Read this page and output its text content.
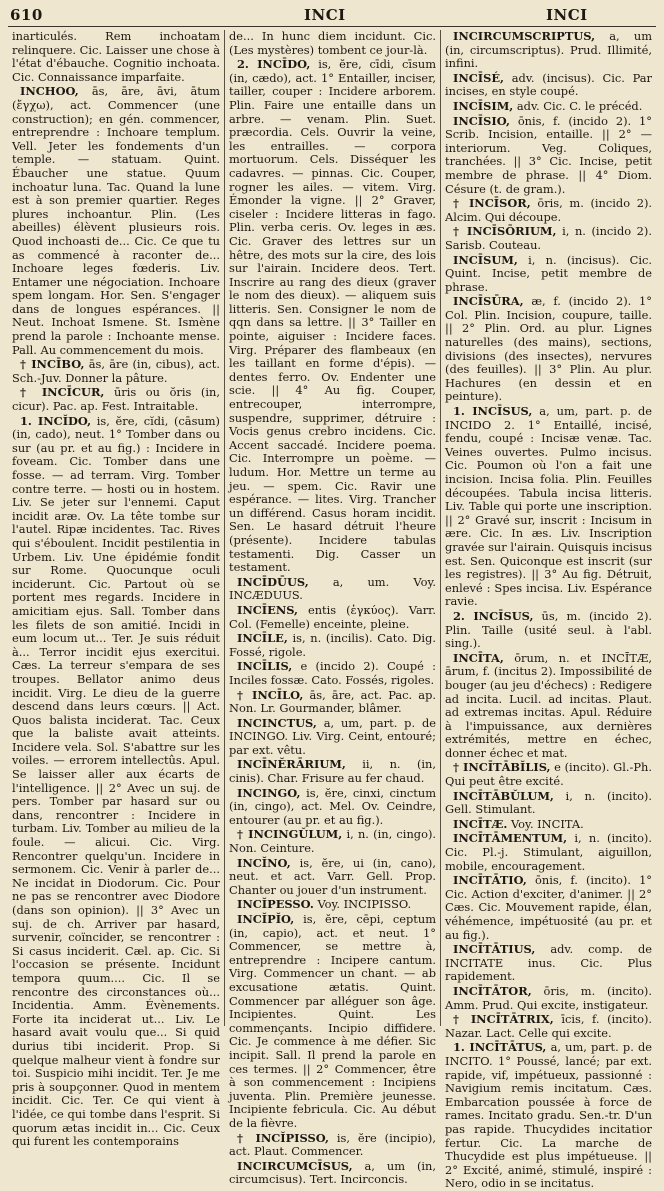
610	INCI	INCI

inarticulés. Rem inchoatam relinquere. Cic. Laisser une chose à l'état d'ébauche. Cognitio inchoata. Cic. Connaissance imparfaite.

INCHOO, ās, āre, āvi, ātum (ἔγχω), act. Commencer (une construction); en gén. commencer, entreprendre : Inchoare templum. Vell. Jeter les fondements d'un temple. — statuam. Quint. Ébaucher une statue. Quum inchoatur luna. Tac. Quand la lune est à son premier quartier. Reges plures inchoantur. Plin. (Les abeilles) élèvent plusieurs rois. Quod inchoasti de... Cic. Ce que tu as commencé à raconter de... Inchoare leges fœderis. Liv. Entamer une négociation. Inchoare spem longam. Hor. Sen. S'engager dans de longues espérances. || Neut. Inchoat Ismene. St. Ismène prend la parole : Inchoante mense. Pall. Au commencement du mois.

† INCĪBO, ās, āre (in, cibus), act. Sch.-Juv. Donner la pâture.

† INCĪCUR, ūris ou ŏris (in, cicur). Pac. ap. Fest. Intraitable.

1. INCĬDO, is, ĕre, cĭdi, (cāsum) (in, cado), neut. 1° Tomber dans ou sur (au pr. et au fig.) : Incidere in foveam. Cic. Tomber dans une fosse. — ad terram. Virg. Tomber contre terre. — hosti ou in hostem. Liv. Se jeter sur l'ennemi. Caput incidit aræ. Ov. La tête tombe sur l'autel. Ripæ incidentes. Tac. Rives qui s'éboulent. Incidit pestilentia in Urbem. Liv. Une épidémie fondit sur Rome. Quocunque oculi inciderunt. Cic. Partout où se portent mes regards. Incidere in amicitiam ejus. Sall. Tomber dans les filets de son amitié. Incidi in eum locum ut... Ter. Je suis réduit à... Terror incidit ejus exercitui. Cæs. La terreur s'empara de ses troupes. Bellator animo deus incidit. Virg. Le dieu de la guerre descend dans leurs cœurs. || Act. Quos balista inciderat. Tac. Ceux que la baliste avait atteints. Incidere vela. Sol. S'abattre sur les voiles. — errorem intellectûs. Apul. Se laisser aller aux écarts de l'intelligence. || 2° Avec un suj. de pers. Tomber par hasard sur ou dans, rencontrer : Incidere in turbam. Liv. Tomber au milieu de la foule. — alicui. Cic. Virg. Rencontrer quelqu'un. Incidere in sermonem. Cic. Venir à parler de... Ne incidat in Diodorum. Cic. Pour ne pas se rencontrer avec Diodore (dans son opinion). || 3° Avec un suj. de ch. Arriver par hasard, survenir, coïncider, se rencontrer : Si casus inciderit. Cæl. ap. Cic. Si l'occasion se présente. Incidunt tempora quum.... Cic. Il se rencontre des circonstances où... Incidentia. Amm. Évènements. Forte ita inciderat ut... Liv. Le hasard avait voulu que... Si quid durius tibi inciderit. Prop. Si quelque malheur vient à fondre sur toi. Suspicio mihi incidit. Ter. Je me pris à soupçonner. Quod in mentem incidit. Cic. Ter. Ce qui vient à l'idée, ce qui tombe dans l'esprit. Si quorum ætas incidit in... Cic. Ceux qui furent les contemporains

de... In hunc diem incidunt. Cic. (Les mystères) tombent ce jour-là.

2. INCĪDO, is, ĕre, cīdi, cīsum (in, cædo), act. 1° Entailler, inciser, tailler, couper : Incidere arborem. Plin. Faire une entaille dans un arbre. — venam. Plin. Suet. præcordia. Cels. Ouvrir la veine, les entrailles. — corpora mortuorum. Cels. Disséquer les cadavres. — pinnas. Cic. Couper, rogner les ailes. — vitem. Virg. Émonder la vigne. || 2° Graver, ciseler : Incidere litteras in fago. Plin. verba ceris. Ov. leges in æs. Cic. Graver des lettres sur un hêtre, des mots sur la cire, des lois sur l'airain. Incidere deos. Tert. Inscrire au rang des dieux (graver le nom des dieux). — aliquem suis litteris. Sen. Consigner le nom de qqn dans sa lettre. || 3° Tailler en pointe, aiguiser : Incidere faces. Virg. Préparer des flambeaux (en les taillant en forme d'épis). — dentes ferro. Ov. Endenter une scie. || 4° Au fig. Couper, entrecouper, interrompre, suspendre, supprimer, détruire : Vocis genus crebro incidens. Cic. Accent saccadé. Incidere poema. Cic. Interrompre un poème. — ludum. Hor. Mettre un terme au jeu. — spem. Cic. Ravir une espérance. — lites. Virg. Trancher un différend. Casus horam incidit. Sen. Le hasard détruit l'heure (présente). Incidere tabulas testamenti. Dig. Casser un testament.

INCĪDŪUS, a, um. Voy. INCÆDUUS.

INCĪENS, entis (ἐγκύος). Varr. Col. (Femelle) enceinte, pleine.

INCĪLE, is, n. (incilis). Cato. Dig. Fossé, rigole.

INCĪLIS, e (incido 2). Coupé : Inciles fossæ. Cato. Fossés, rigoles.

† INCĪLO, ās, āre, act. Pac. ap. Non. Lr. Gourmander, blâmer.

INCINCTUS, a, um, part. p. de INCINGO. Liv. Virg. Ceint, entouré; par ext. vêtu.

INCĪNĔRĀRIUM, ii, n. (in, cinis). Char. Frisure au fer chaud.

INCINGO, is, ĕre, cinxi, cinctum (in, cingo), act. Mel. Ov. Ceindre, entourer (au pr. et au fig.).

† INCINGŬLUM, i, n. (in, cingo). Non. Ceinture.

INCĬNO, is, ĕre, ui (in, cano), neut. et act. Varr. Gell. Prop. Chanter ou jouer d'un instrument.

INCĬPESSO. Voy. INCIPISSO.

INCĬPĬO, is, ĕre, cēpi, ceptum (in, capio), act. et neut. 1° Commencer, se mettre à, entreprendre : Incipere cantum. Virg. Commencer un chant. — ab excusatione ætatis. Quint. Commencer par alléguer son âge. Incipientes. Quint. Les commençants. Incipio diffidere. Cic. Je commence à me défier. Sic incipit. Sall. Il prend la parole en ces termes. || 2° Commencer, être à son commencement : Incipiens juventa. Plin. Première jeunesse. Incipiente febricula. Cic. Au début de la fièvre.

† INCĬPISSO, is, ĕre (incipio), act. Plaut. Commencer.

INCIRCUMCĪSUS, a, um (in, circumcisus). Tert. Incirconcis.

INCIRCUMSCRIPTUS, a, um (in, circumscriptus). Prud. Illimité, infini.

INCĪSÉ, adv. (incisus). Cic. Par incises, en style coupé.

INCĪSIM, adv. Cic. C. le précéd.

INCĪSIO, ōnis, f. (incido 2). 1° Scrib. Incision, entaille. || 2° — interiorum. Veg. Coliques, tranchées. || 3° Cic. Incise, petit membre de phrase. || 4° Diom. Césure (t. de gram.).

† INCĪSOR, ōris, m. (incido 2). Alcim. Qui découpe.

† INCĪSŌRIUM, i, n. (incido 2). Sarisb. Couteau.

INCĪSUM, i, n. (incisus). Cic. Quint. Incise, petit membre de phrase.

INCĪSŪRA, æ, f. (incido 2). 1° Col. Plin. Incision, coupure, taille. || 2° Plin. Ord. au plur. Lignes naturelles (des mains), sections, divisions (des insectes), nervures (des feuilles). || 3° Plin. Au plur. Hachures (en dessin et en peinture).

1. INCĪSUS, a, um, part. p. de INCIDO 2. 1° Entaillé, incisé, fendu, coupé : Incisæ venæ. Tac. Veines ouvertes. Pulmo incisus. Cic. Poumon où l'on a fait une incision. Incisa folia. Plin. Feuilles découpées. Tabula incisa litteris. Liv. Table qui porte une inscription. || 2° Gravé sur, inscrit : Incisum in ære. Cic. In æs. Liv. Inscription gravée sur l'airain. Quisquis incisus est. Sen. Quiconque est inscrit (sur les registres). || 3° Au fig. Détruit, enlevé : Spes incisa. Liv. Espérance ravie.

2. INCĪSUS, ūs, m. (incido 2). Plin. Taille (usité seul. à l'abl. sing.).

INCĪTA, ōrum, n. et INCĪTÆ, ārum, f. (incitus 2). Impossibilité de bouger (au jeu d'échecs) : Redigere ad incita. Lucil. ad incitas. Plaut. ad extremas incitas. Apul. Réduire à l'impuissance, aux dernières extrémités, mettre en échec, donner échec et mat.

† INCĪTĀBĬLIS, e (incito). Gl.-Ph. Qui peut être excité.

INCĪTĀBŬLUM, i, n. (incito). Gell. Stimulant.

INCĪTÆ. Voy. INCITA.

INCĪTĀMENTUM, i, n. (incito). Cic. Pl.-j. Stimulant, aiguillon, mobile, encouragement.

INCĪTĀTIO, ōnis, f. (incito). 1° Cic. Action d'exciter, d'animer. || 2° Cæs. Cic. Mouvement rapide, élan, véhémence, impétuosité (au pr. et au fig.).

INCĪTĀTIUS, adv. comp. de INCITATE inus. Cic. Plus rapidement.

INCĪTĀTOR, ōris, m. (incito). Amm. Prud. Qui excite, instigateur.

† INCĪTĀTRIX, īcis, f. (incito). Nazar. Lact. Celle qui excite.

1. INCĪTĀTUS, a, um, part. p. de INCITO. 1° Poussé, lancé; par ext. rapide, vif, impétueux, passionné : Navigium remis incitatum. Cæs. Embarcation poussée à force de rames. Incitato gradu. Sen.-tr. D'un pas rapide. Thucydides incitatior fertur. Cic. La marche de Thucydide est plus impétueuse. || 2° Excité, animé, stimulé, inspiré : Nero, odio in se incitatus.
